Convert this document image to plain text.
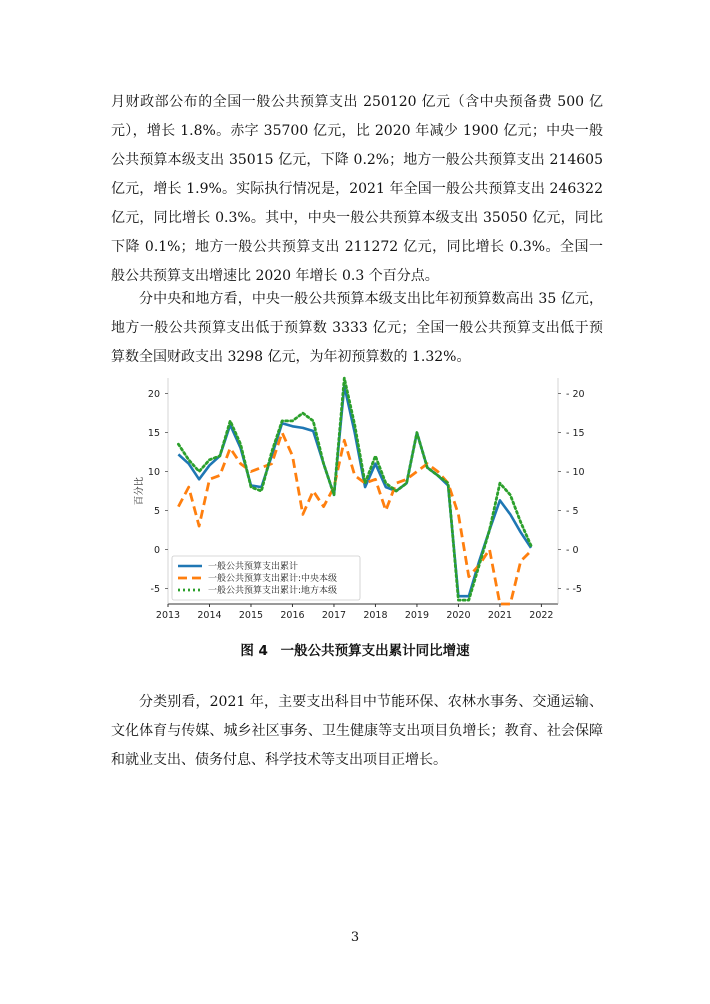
月财政部公布的全国一般公共预算支出 250120 亿元（含中央预备费 500 亿元），增长 1.8%。赤字 35700 亿元，比 2020 年减少 1900 亿元；中央一般公共预算本级支出 35015 亿元，下降 0.2%；地方一般公共预算支出 214605 亿元，增长 1.9%。实际执行情况是，2021 年全国一般公共预算支出 246322 亿元，同比增长 0.3%。其中，中央一般公共预算本级支出 35050 亿元，同比下降 0.1%；地方一般公共预算支出 211272 亿元，同比增长 0.3%。全国一般公共预算支出增速比 2020 年增长 0.3 个百分点。

分中央和地方看，中央一般公共预算本级支出比年初预算数高出 35 亿元，地方一般公共预算支出低于预算数 3333 亿元；全国一般公共预算支出低于预算数全国财政支出 3298 亿元，为年初预算数的 1.32%。

2013 2014 2015 2016 2017 2018 2019 2020 2021 2022
-5	- -5
0	- 0
5	- 5
10	- 10
15	- 15
20	- 20
百分比
一般公共预算支出累计
一般公共预算支出累计:中央本级
一般公共预算支出累计:地方本级
图 4 一般公共预算支出累计同比增速

分类别看，2021 年，主要支出科目中节能环保、农林水事务、交通运输、文化体育与传媒、城乡社区事务、卫生健康等支出项目负增长；教育、社会保障和就业支出、债务付息、科学技术等支出项目正增长。

3
